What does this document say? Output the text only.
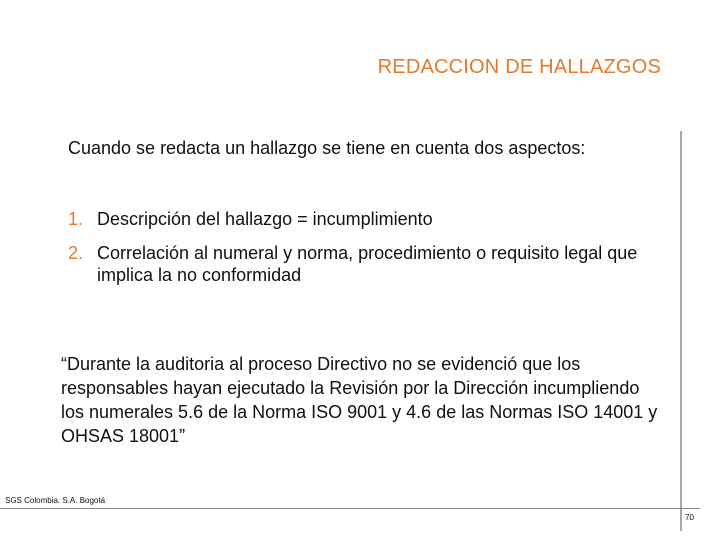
REDACCION DE HALLAZGOS
Cuando se redacta un hallazgo se tiene en cuenta dos aspectos:
1. Descripción del hallazgo = incumplimiento
2. Correlación al numeral y norma, procedimiento o requisito legal que implica la no conformidad
“Durante la auditoria al proceso Directivo no se evidenció que los responsables hayan ejecutado la Revisión por la Dirección incumpliendo los numerales 5.6 de la Norma ISO 9001 y 4.6 de las Normas ISO 14001 y OHSAS 18001”
SGS Colombia. S.A. Bogotá
70
